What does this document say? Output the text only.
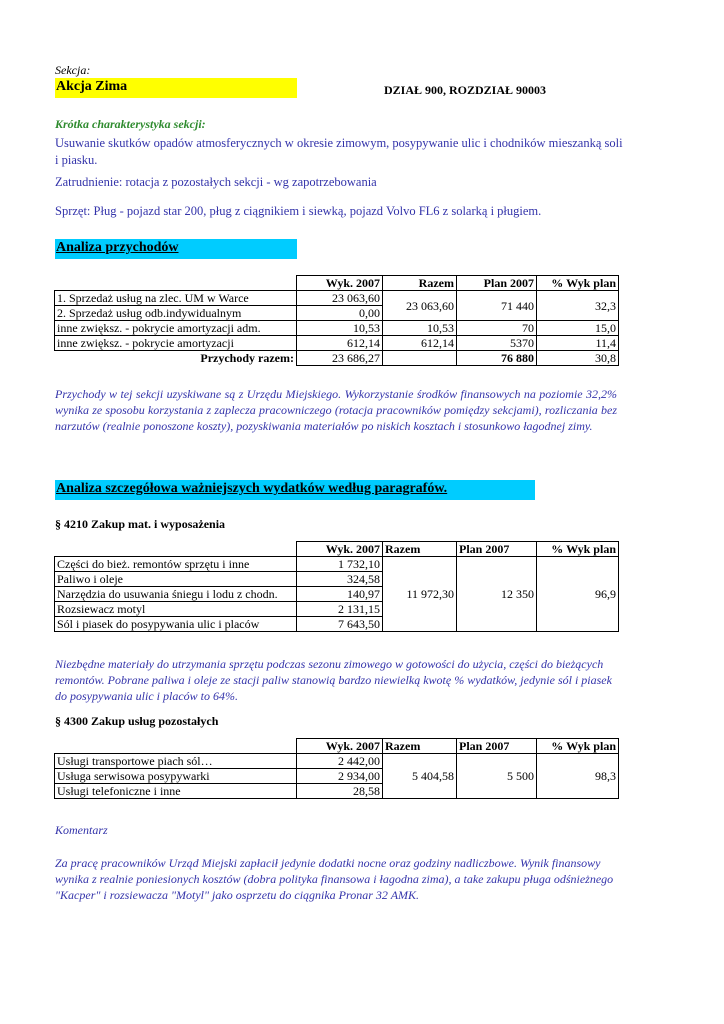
Sekcja:
Akcja Zima	DZIAŁ 900, ROZDZIAŁ 90003
Krótka charakterystyka sekcji:
Usuwanie skutków opadów atmosferycznych w okresie zimowym, posypywanie ulic i chodników mieszanką soli i piasku.
Zatrudnienie: rotacja z pozostałych sekcji - wg zapotrzebowania
Sprzęt: Pług - pojazd star 200, pług z ciągnikiem i siewką, pojazd Volvo FL6 z solarką i pługiem.
Analiza przychodów
	Wyk. 2007	Razem	Plan 2007	% Wyk plan
1. Sprzedaż usług na zlec. UM w Warce	23 063,60	23 063,60	71 440	32,3
2. Sprzedaż usług odb.indywidualnym	0,00			
inne zwiększ. - pokrycie amortyzacji adm.	10,53	10,53	70	15,0
inne zwiększ. - pokrycie amortyzacji	612,14	612,14	5370	11,4
Przychody razem:	23 686,27		76 880	30,8
Przychody w tej sekcji uzyskiwane są z Urzędu Miejskiego. Wykorzystanie środków finansowych na poziomie 32,2% wynika ze sposobu korzystania z zaplecza pracowniczego (rotacja pracowników pomiędzy sekcjami), rozliczania bez narzutów (realnie ponoszone koszty), pozyskiwania materiałów po niskich kosztach i stosunkowo łagodnej zimy.
Analiza szczegółowa ważniejszych wydatków według paragrafów.
§ 4210 Zakup mat. i wyposażenia
	Wyk. 2007	Razem	Plan 2007	% Wyk plan
Części do bież. remontów sprzętu i inne	1 732,10	11 972,30	12 350	96,9
Paliwo i oleje	324,58			
Narzędzia do usuwania śniegu i lodu z chodn.	140,97			
Rozsiewacz motyl	2 131,15			
Sól i piasek do posypywania ulic i placów	7 643,50			
Niezbędne materiały do utrzymania sprzętu podczas sezonu zimowego w gotowości do użycia, części do bieżących remontów. Pobrane paliwa i oleje ze stacji paliw stanowią bardzo niewielką kwotę % wydatków, jedynie sól i piasek do posypywania ulic i placów to 64%.
§ 4300 Zakup usług pozostałych
	Wyk. 2007	Razem	Plan 2007	% Wyk plan
Usługi transportowe piach sól…	2 442,00	5 404,58	5 500	98,3
Usługa serwisowa posypywarki	2 934,00			
Usługi telefoniczne i inne	28,58			
Komentarz
Za pracę pracowników Urząd Miejski zapłacił jedynie dodatki nocne oraz godziny nadliczbowe. Wynik finansowy wynika z realnie poniesionych kosztów (dobra polityka finansowa i łagodna zima), a take zakupu pługa odśnieżnego "Kacper" i rozsiewacza "Motyl" jako osprzetu do ciągnika Pronar 32 AMK.
